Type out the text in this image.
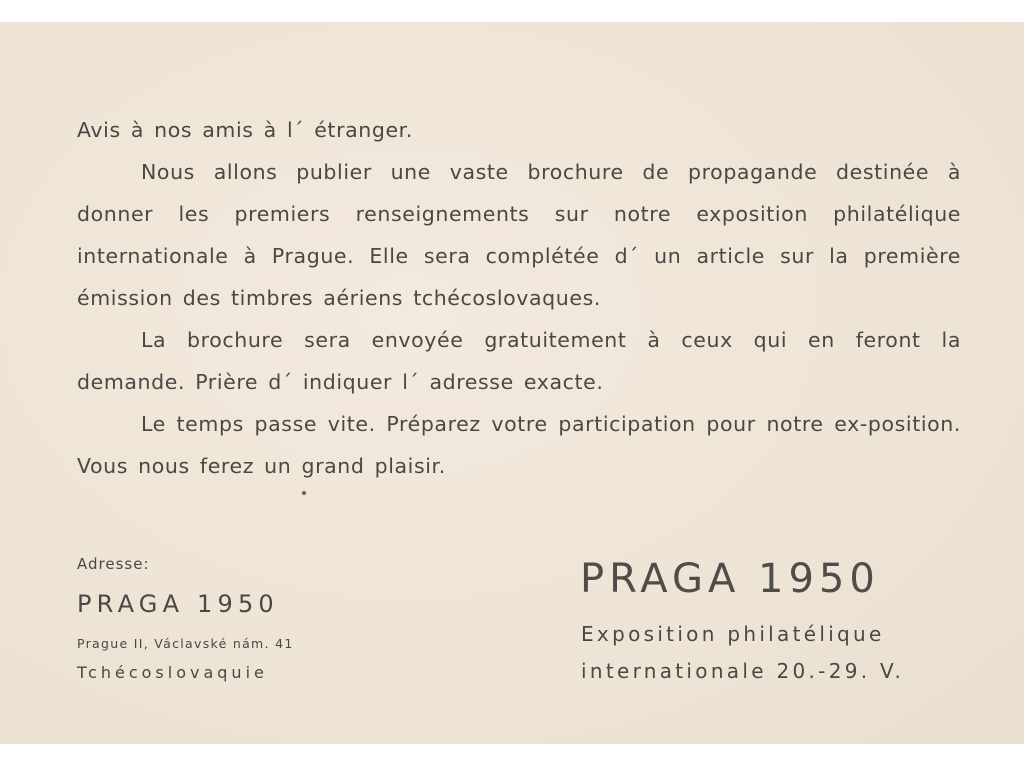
Avis à nos amis à l´ étranger.

Nous allons publier une vaste brochure de propagande destinée à donner les premiers renseignements sur notre exposition philatélique internationale à Prague. Elle sera complétée d´ un article sur la première émission des timbres aériens tchécoslovaques.

La brochure sera envoyée gratuitement à ceux qui en feront la demande. Prière d´ indiquer l´ adresse exacte.

Le temps passe vite. Préparez votre participation pour notre ex-position. Vous nous ferez un grand plaisir.

Adresse:
PRAGA 1950
Prague II, Václavské nám. 41
Tchécoslovaquie
PRAGA 1950
Exposition philatélique
internationale 20.-29. V.
